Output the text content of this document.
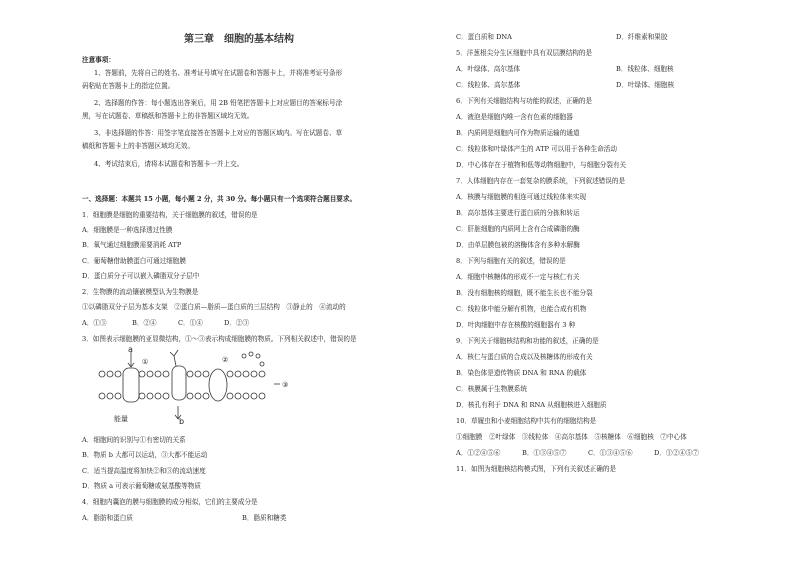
第三章　细胞的基本结构
注意事项：
1、答题前，先将自己的姓名、准考证号填写在试题卷和答题卡上，并将准考证号条形
码粘贴在答题卡上的指定位置。
2、选择题的作答：每小题选出答案后，用 2B 铅笔把答题卡上对应题目的答案标号涂
黑，写在试题卷、草稿纸和答题卡上的非答题区域均无效。
3、非选择题的作答：用签字笔直接答在答题卡上对应的答题区域内。写在试题卷、草
稿纸和答题卡上的非答题区域均无效。
4、考试结束后，请将本试题卷和答题卡一并上交。
一、选择题：本题共 15 小题，每小题 2 分，共 30 分。每小题只有一个选项符合题目要求。
1．细胞膜是细胞的重要结构，关于细胞膜的叙述，错误的是
A．细胞膜是一种选择透过性膜
B．氧气通过细胞膜需要消耗 ATP
C．葡萄糖借助膜蛋白可通过细胞膜
D．蛋白质分子可以嵌入磷脂双分子层中
2．生物膜的流动镶嵌模型认为生物膜是
①以磷脂双分子层为基本支架　②蛋白质—脂质—蛋白质的三层结构　③静止的　④流动的
A．①③	B．②④	C．①④	D．②③
3．如图表示细胞膜的亚显微结构，①～③表示构成细胞膜的物质。下列相关叙述中，错误的是
a
b
①	②
③
能量
A．细胞间的识别与①有密切的关系
B．物质 b 大都可以运动，③大都不能运动
C．适当提高温度将加快②和③的流动速度
D．物质 a 可表示葡萄糖或氨基酸等物质
4．细胞内囊泡的膜与细胞膜的成分相似，它们的主要成分是
A．脂肪和蛋白质	B．脂质和糖类
C．蛋白质和 DNA	D．纤维素和果胶
5．洋葱根尖分生区细胞中具有双层膜结构的是
A．叶绿体、高尔基体	B．线粒体、细胞核
C．线粒体、高尔基体	D．叶绿体、细胞核
6．下列有关细胞结构与功能的叙述，正确的是
A．液泡是细胞内唯一含有色素的细胞器
B．内质网是细胞内可作为物质运输的通道
C．线粒体和叶绿体产生的 ATP 可以用于各种生命活动
D．中心体存在于植物和低等动物细胞中，与细胞分裂有关
7．人体细胞内存在一套复杂的膜系统，下列叙述错误的是
A．核膜与细胞膜的相连可通过线粒体来实现
B．高尔基体主要进行蛋白质的分拣和转运
C．肝脏细胞的内质网上含有合成磷脂的酶
D．由单层膜包被的溶酶体含有多种水解酶
8．下列与细胞有关的叙述，错误的是
A．细胞中核糖体的形成不一定与核仁有关
B．没有细胞核的细胞，既不能生长也不能分裂
C．线粒体中能分解有机物，也能合成有机物
D．叶肉细胞中存在核酸的细胞器有 3 种
9．下列关于细胞核结构和功能的叙述，正确的是
A．核仁与蛋白质的合成以及核糖体的形成有关
B．染色体是遗传物质 DNA 和 RNA 的载体
C．核膜属于生物膜系统
D．核孔有利于 DNA 和 RNA 从细胞核进入细胞质
10．草履虫和小麦细胞结构中共有的细胞结构是
①细胞膜　②叶绿体　③线粒体　④高尔基体　⑤核糖体　⑥细胞核　⑦中心体
A．①②④⑤⑥	B．①③④⑤⑦	C．①③④⑤⑥	D．①②④⑤⑦
11．如图为细胞核结构模式图，下列有关叙述正确的是
